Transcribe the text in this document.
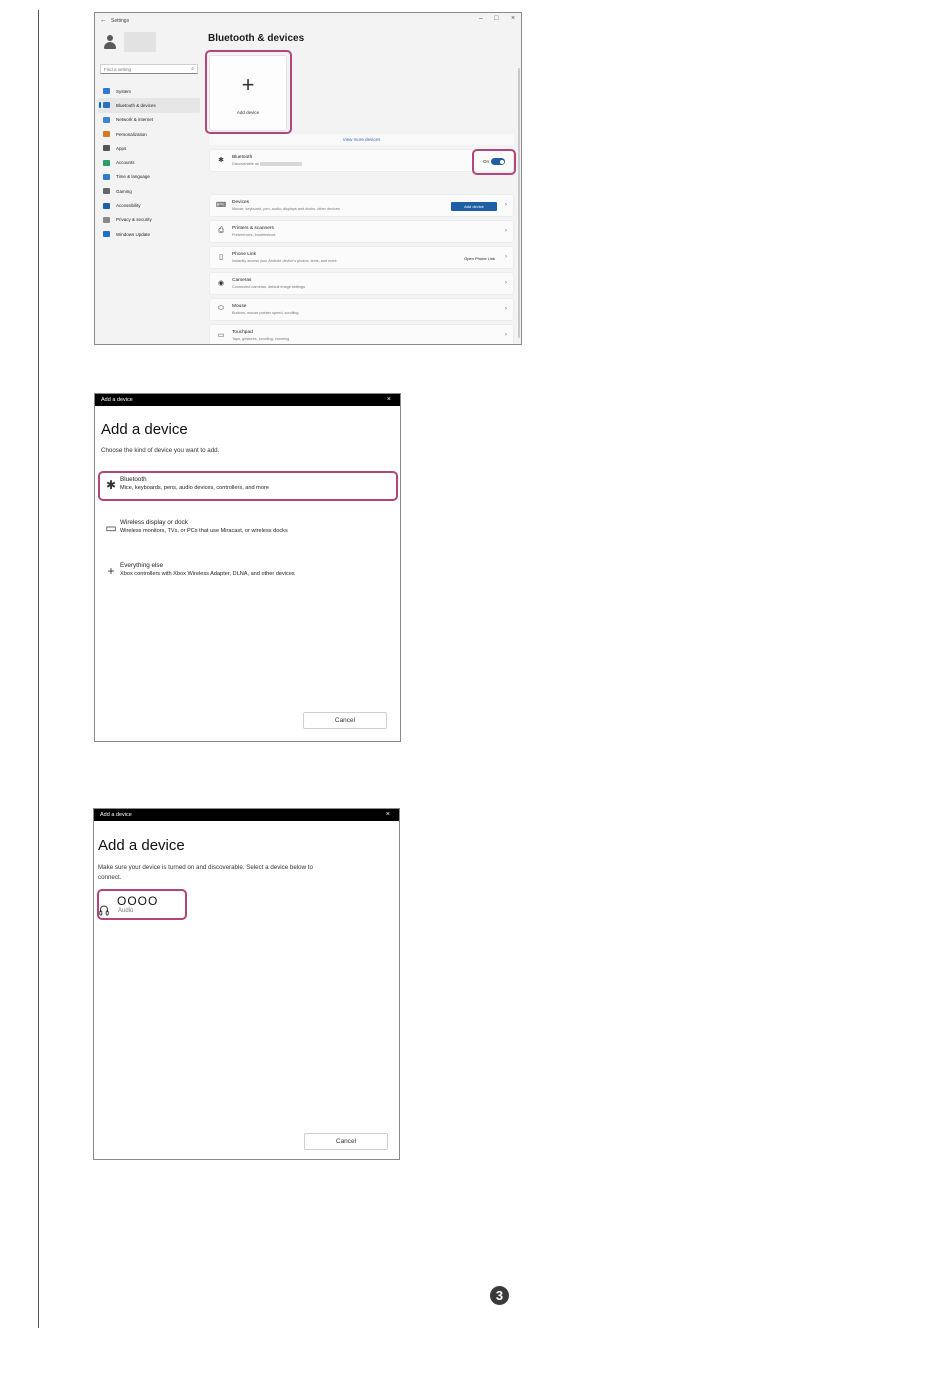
← Settings	– □ ×
Find a setting	⌕
System
Bluetooth & devices
Network & internet
Personalization
Apps
Accounts
Time & language
Gaming
Accessibility
Privacy & security
Windows Update
Bluetooth & devices
+
Add device
View more devices
✱	Bluetooth
Discoverable as	On
⌨ Devices
Mouse, keyboard, pen, audio, displays and docks, other devices	Add device	›
⎙	Printers & scanners
Preferences, troubleshoot
›
▯	Phone Link
Instantly access your Android device's photos, texts, and more	Open Phone Link ›
◉	Cameras
Connected cameras, default image settings
›
⬭	Mouse
Buttons, mouse pointer speed, scrolling
›
▭	Touchpad
Taps, gestures, scrolling, zooming
›
Add a device	×
Add a device
Choose the kind of device you want to add.
✱ Bluetooth
Mice, keyboards, pens, audio devices, controllers, and more
▭ Wireless display or dock
Wireless monitors, TVs, or PCs that use Miracast, or wireless docks
+ Everything else
Xbox controllers with Xbox Wireless Adapter, DLNA, and other devices
Cancel
Add a device	×
Add a device
Make sure your device is turned on and discoverable. Select a device below to
connect.
OOOO
Audio
Cancel
3
